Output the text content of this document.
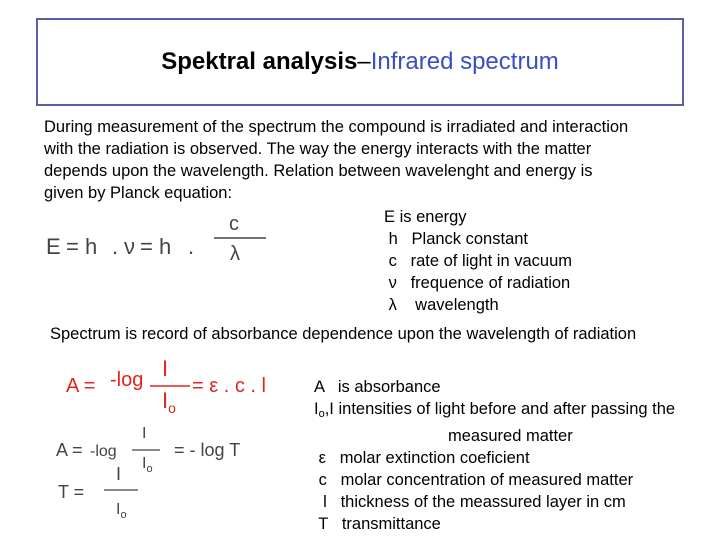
Spektral analysis – Infrared spectrum
During measurement of the spectrum the compound is irradiated and interaction
with the radiation is observed. The way the energy interacts with the matter
depends upon the wavelength. Relation between wavelenght and energy is
given by Planck equation:
E = h . ν = h .
c
λ
E is energy
h   Planck constant
c   rate of light in vacuum
ν   frequence of radiation
λ    wavelength
Spectrum is record of absorbance dependence upon the wavelength of radiation
A = -log I
$I_o$
= ε . c . l
A = -log
I
$I_o$
= - log T
T =
I
$I_o$
A   is absorbance
$I_o,I$ intensities of light before and after passing the
measured matter
ε   molar extinction coeficient
c   molar concentration of measured matter
l   thickness of the meassured layer in cm
T   transmittance
